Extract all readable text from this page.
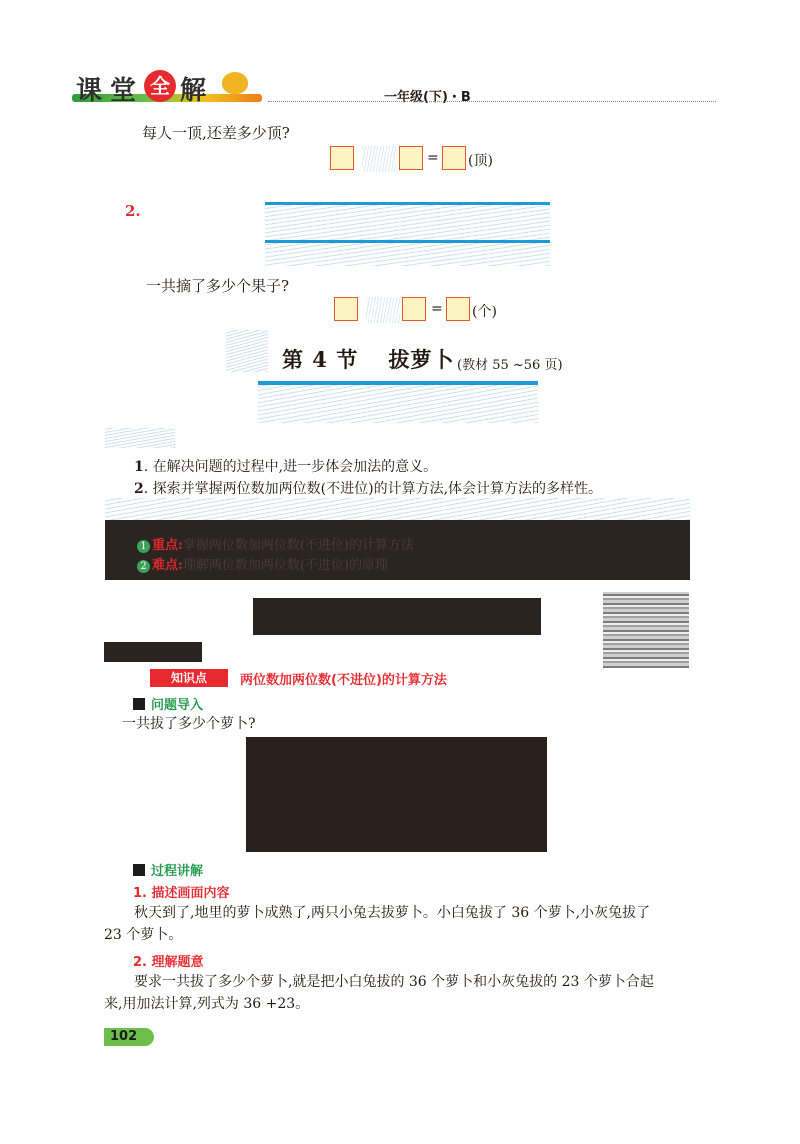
课 堂 全 解	一年级(下)・B
每人一顶,还差多少顶?
= (顶)
2.
一共摘了多少个果子?
= (个)
第 4 节　 拔萝卜 (教材 55 ~56 页)
1. 在解决问题的过程中,进一步体会加法的意义。
2. 探索并掌握两位数加两位数(不进位)的计算方法,体会计算方法的多样性。
1 重点:掌握两位数加两位数(不进位)的计算方法
2 难点:理解两位数加两位数(不进位)的原理
知识点	两位数加两位数(不进位)的计算方法
问题导入
一共拔了多少个萝卜?
过程讲解
1. 描述画面内容
秋天到了,地里的萝卜成熟了,两只小兔去拔萝卜。小白兔拔了 36 个萝卜,小灰兔拔了
23 个萝卜。
2. 理解题意
要求一共拔了多少个萝卜,就是把小白兔拔的 36 个萝卜和小灰兔拔的 23 个萝卜合起
来,用加法计算,列式为 36 +23。
102
